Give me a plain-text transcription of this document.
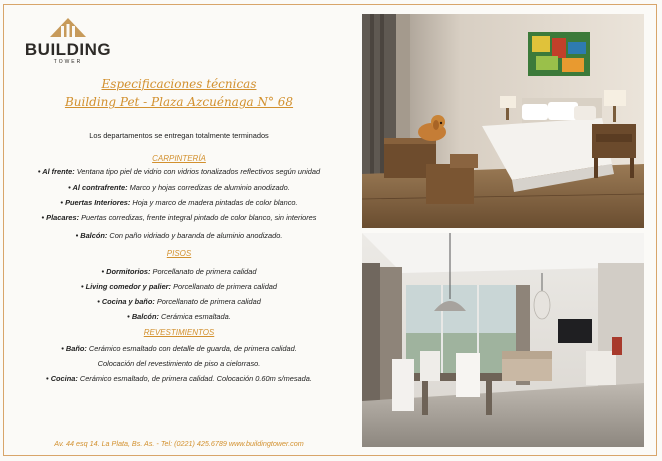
BUILDING
TOWER
Especificaciones técnicas
Building Pet - Plaza Azcuénaga N° 68
Los departamentos se entregan totalmente terminados
CARPINTERÍA
• Al frente: Ventana tipo piel de vidrio con vidrios tonalizados reflectivos según unidad
• Al contrafrente: Marco y hojas corredizas de aluminio anodizado.
• Puertas Interiores: Hoja y marco de madera pintadas de color blanco.
• Placares: Puertas corredizas, frente integral pintado de color blanco, sin interiores
• Balcón: Con paño vidriado y baranda de aluminio anodizado.
PISOS
• Dormitorios: Porcellanato de primera calidad
• Living comedor y palier: Porcellanato de primera calidad
• Cocina y baño: Porcellanato de primera calidad
• Balcón: Cerámica esmaltada.
REVESTIMIENTOS
• Baño: Cerámico esmaltado con detalle de guarda, de primera calidad.
Colocación del revestimiento de piso a cielorraso.
• Cocina: Cerámico esmaltado, de primera calidad. Colocación 0.60m s/mesada.
Av. 44 esq 14. La Plata, Bs. As. - Tel: (0221) 425.6789 www.buildingtower.com
